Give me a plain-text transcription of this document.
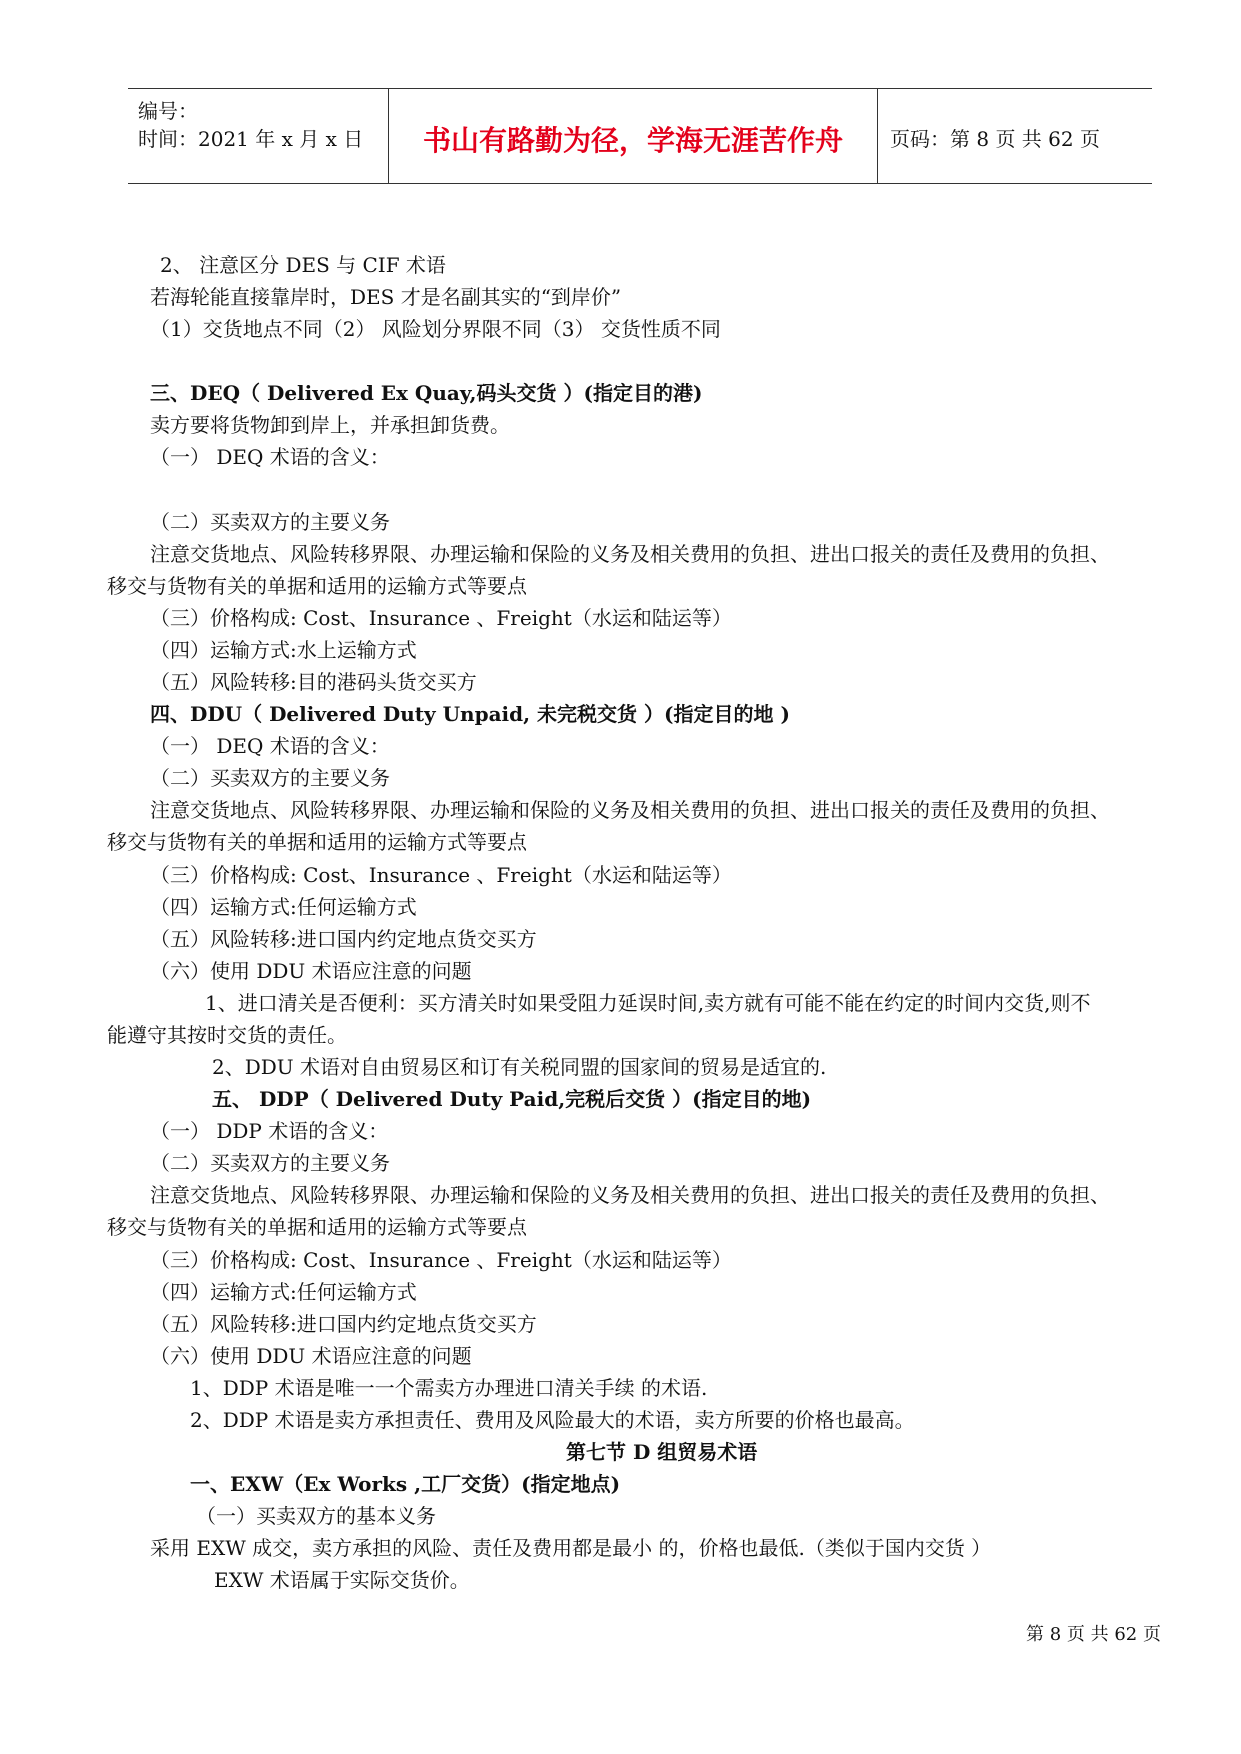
编号：
时间：2021 年 x 月 x 日	书山有路勤为径，学海无涯苦作舟	页码：第 8 页 共 62 页
2、 注意区分 DES 与 CIF 术语
若海轮能直接靠岸时，DES 才是名副其实的“到岸价”
（1）交货地点不同（2） 风险划分界限不同（3） 交货性质不同
三、DEQ（ Delivered Ex Quay,码头交货 ）(指定目的港)
卖方要将货物卸到岸上，并承担卸货费。
（一） DEQ 术语的含义：
（二）买卖双方的主要义务
注意交货地点、风险转移界限、办理运输和保险的义务及相关费用的负担、进出口报关的责任及费用的负担、
移交与货物有关的单据和适用的运输方式等要点
（三）价格构成: Cost、Insurance 、Freight（水运和陆运等）
（四）运输方式:水上运输方式
（五）风险转移:目的港码头货交买方
四、DDU（ Delivered Duty Unpaid, 未完税交货 ）(指定目的地 )
（一） DEQ 术语的含义：
（二）买卖双方的主要义务
注意交货地点、风险转移界限、办理运输和保险的义务及相关费用的负担、进出口报关的责任及费用的负担、
移交与货物有关的单据和适用的运输方式等要点
（三）价格构成: Cost、Insurance 、Freight（水运和陆运等）
（四）运输方式:任何运输方式
（五）风险转移:进口国内约定地点货交买方
（六）使用 DDU 术语应注意的问题
1、进口清关是否便利：买方清关时如果受阻力延误时间,卖方就有可能不能在约定的时间内交货,则不
能遵守其按时交货的责任。
2、DDU 术语对自由贸易区和订有关税同盟的国家间的贸易是适宜的.
五、 DDP（ Delivered Duty Paid,完税后交货 ）(指定目的地)
（一） DDP 术语的含义：
（二）买卖双方的主要义务
注意交货地点、风险转移界限、办理运输和保险的义务及相关费用的负担、进出口报关的责任及费用的负担、
移交与货物有关的单据和适用的运输方式等要点
（三）价格构成: Cost、Insurance 、Freight（水运和陆运等）
（四）运输方式:任何运输方式
（五）风险转移:进口国内约定地点货交买方
（六）使用 DDU 术语应注意的问题
1、DDP 术语是唯一一个需卖方办理进口清关手续 的术语.
2、DDP 术语是卖方承担责任、费用及风险最大的术语，卖方所要的价格也最高。
第七节 D 组贸易术语
一、EXW（Ex Works ,工厂交货）(指定地点)
（一）买卖双方的基本义务
采用 EXW 成交，卖方承担的风险、责任及费用都是最小 的，价格也最低.（类似于国内交货 ）
EXW 术语属于实际交货价。
第 8 页 共 62 页
